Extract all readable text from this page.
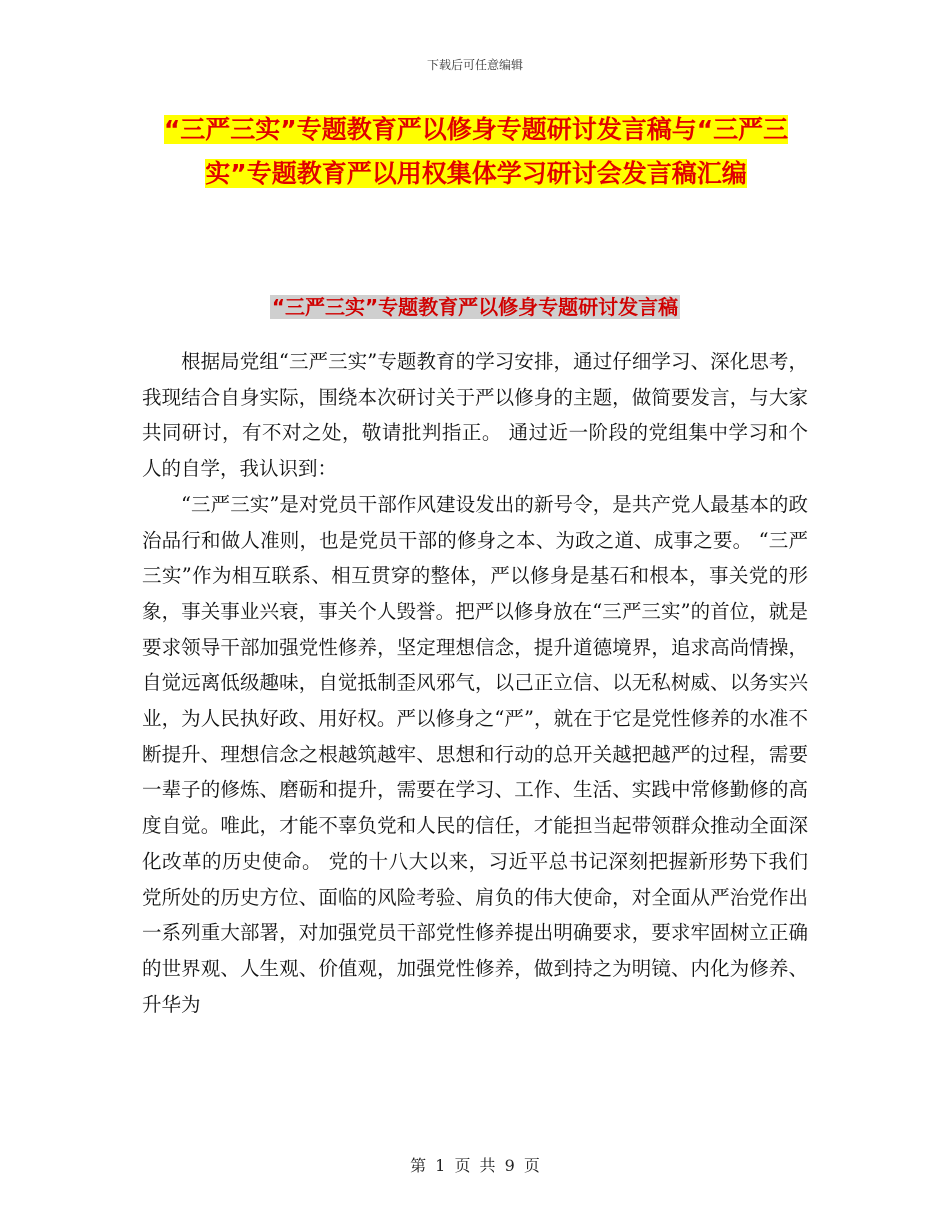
下载后可任意编辑
“三严三实”专题教育严以修身专题研讨发言稿与“三严三实”专题教育严以用权集体学习研讨会发言稿汇编
“三严三实”专题教育严以修身专题研讨发言稿

根据局党组“三严三实”专题教育的学习安排，通过仔细学习、深化思考，我现结合自身实际，围绕本次研讨关于严以修身的主题，做简要发言，与大家共同研讨，有不对之处，敬请批判指正。 通过近一阶段的党组集中学习和个人的自学，我认识到：

“三严三实”是对党员干部作风建设发出的新号令，是共产党人最基本的政治品行和做人准则，也是党员干部的修身之本、为政之道、成事之要。 “三严三实”作为相互联系、相互贯穿的整体，严以修身是基石和根本，事关党的形象，事关事业兴衰，事关个人毁誉。把严以修身放在“三严三实”的首位，就是要求领导干部加强党性修养，坚定理想信念，提升道德境界，追求高尚情操，自觉远离低级趣味，自觉抵制歪风邪气，以己正立信、以无私树威、以务实兴业，为人民执好政、用好权。严以修身之“严”，就在于它是党性修养的水准不断提升、理想信念之根越筑越牢、思想和行动的总开关越把越严的过程，需要一辈子的修炼、磨砺和提升，需要在学习、工作、生活、实践中常修勤修的高度自觉。唯此，才能不辜负党和人民的信任，才能担当起带领群众推动全面深化改革的历史使命。 党的十八大以来，习近平总书记深刻把握新形势下我们党所处的历史方位、面临的风险考验、肩负的伟大使命，对全面从严治党作出一系列重大部署，对加强党员干部党性修养提出明确要求，要求牢固树立正确的世界观、人生观、价值观，加强党性修养，做到持之为明镜、内化为修养、升华为

第 1 页 共 9 页
